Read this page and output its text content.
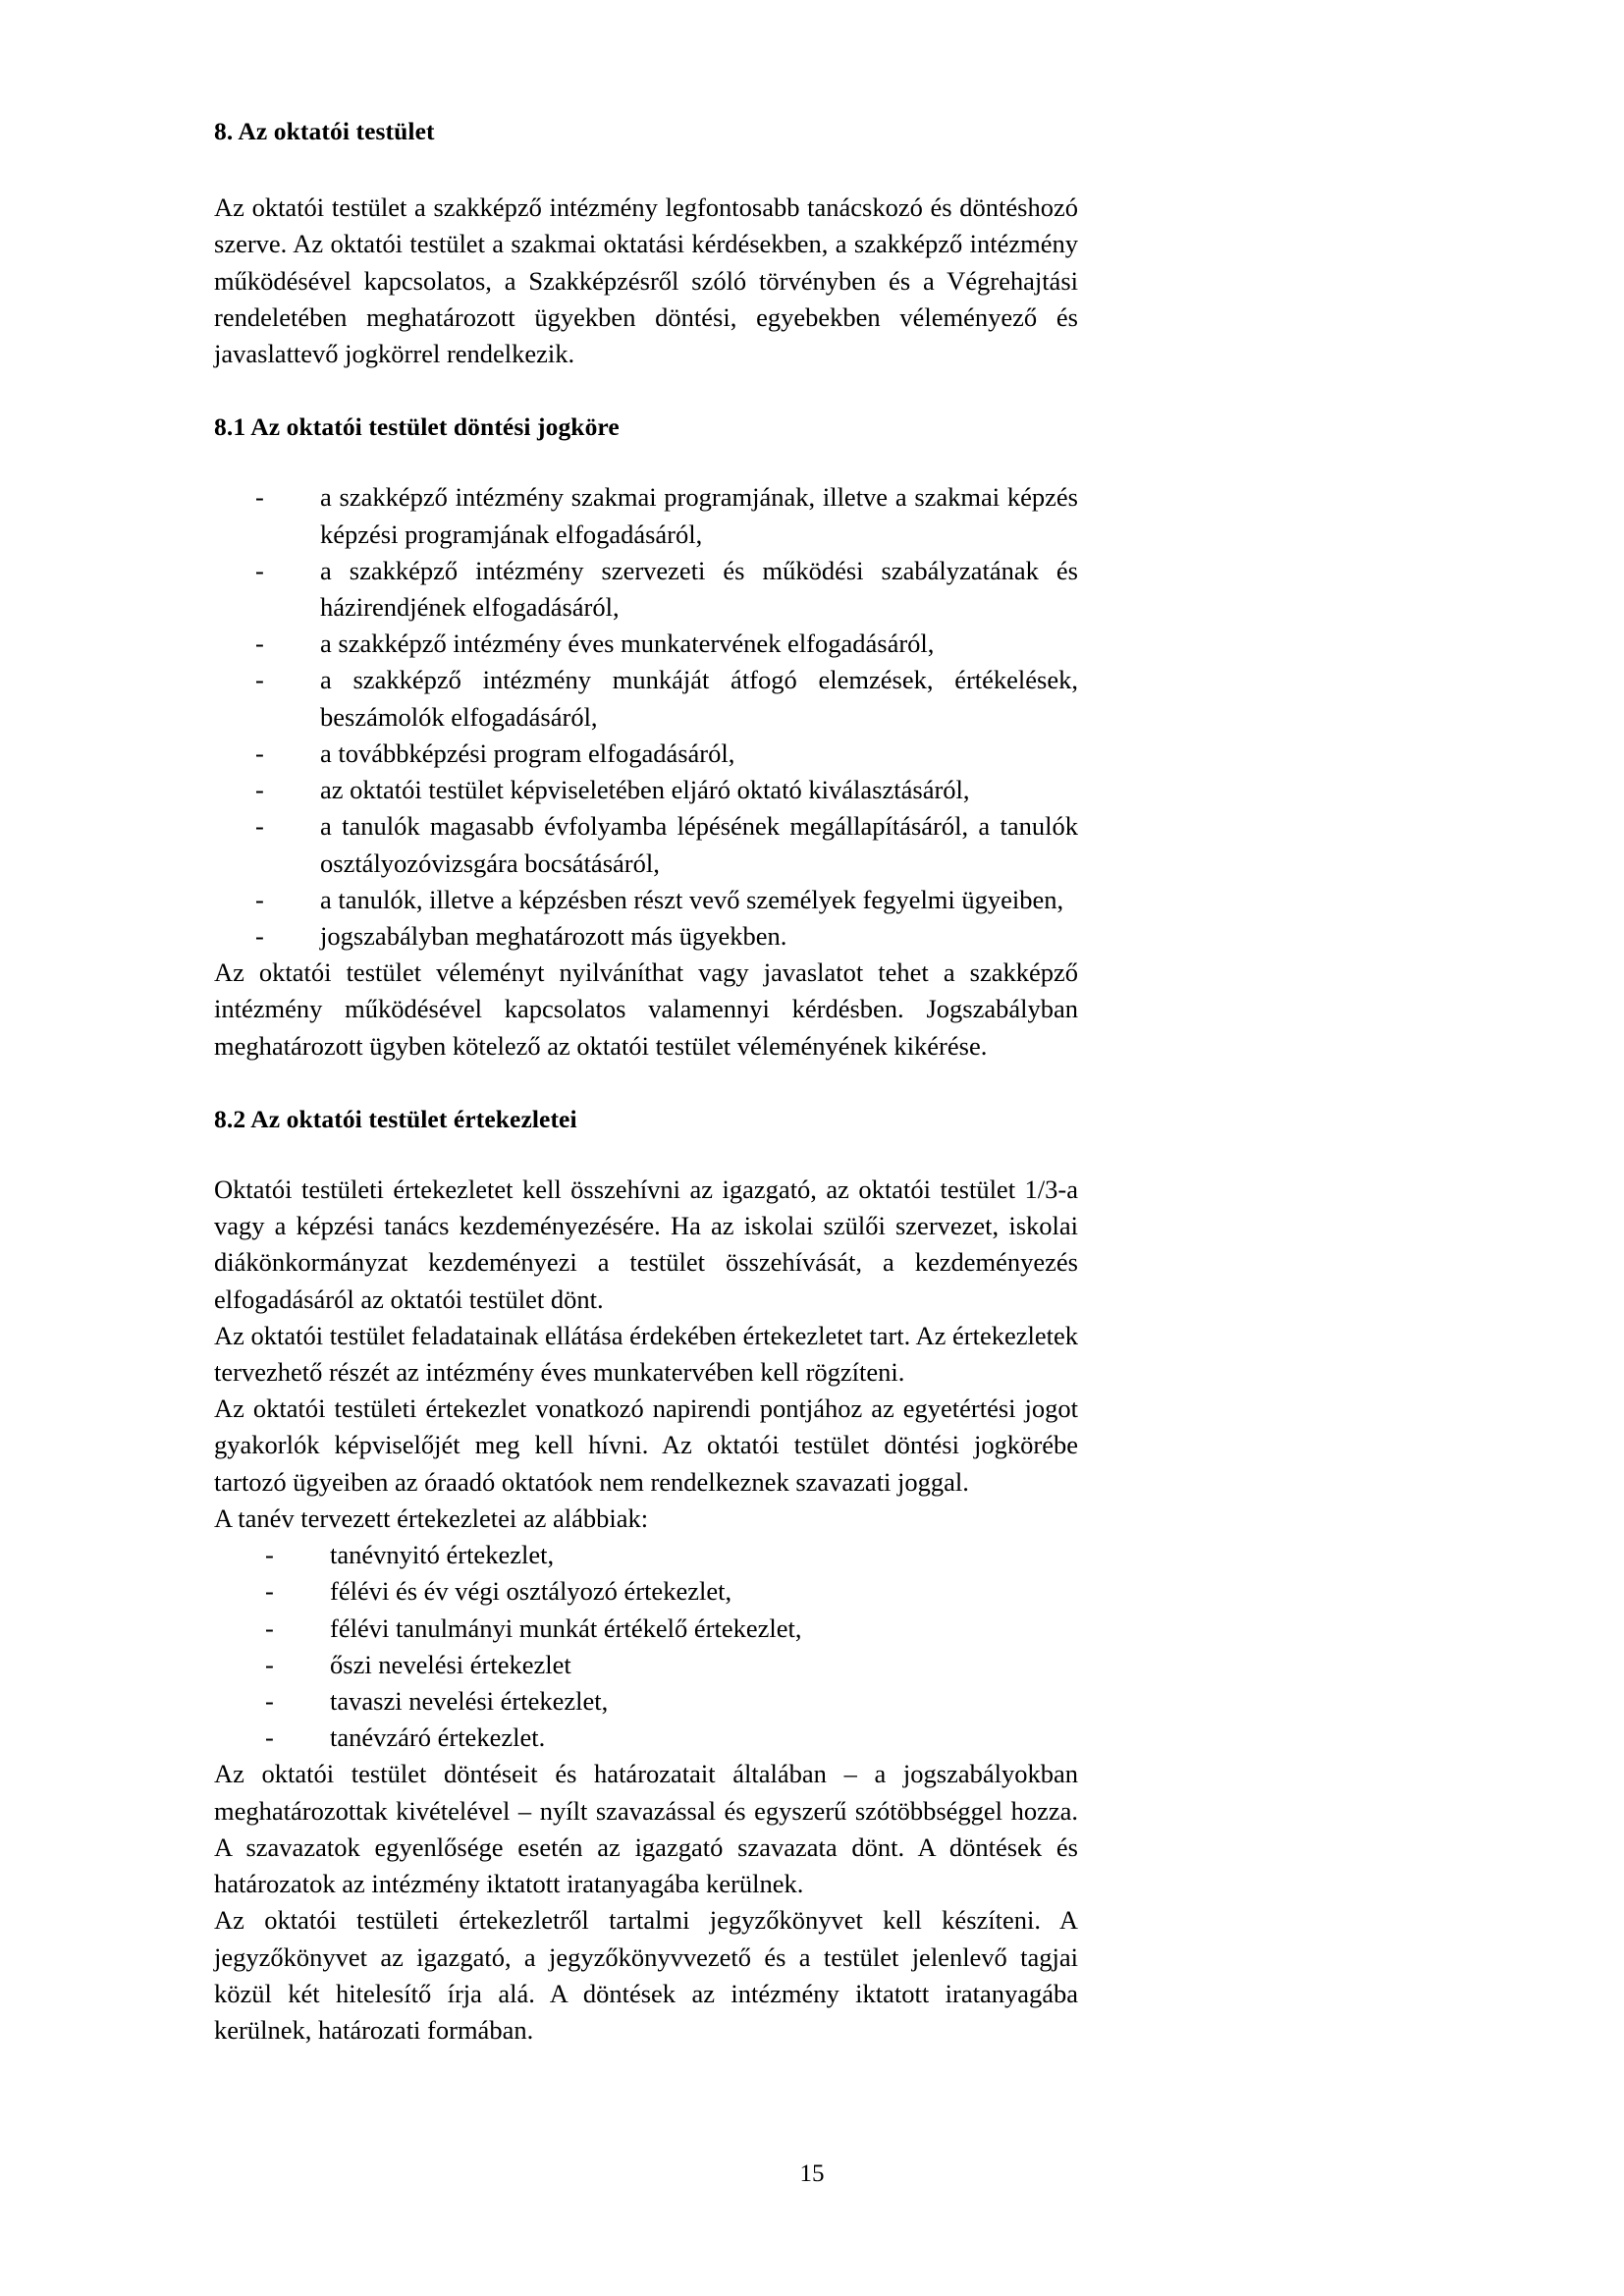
8. Az oktatói testület

Az oktatói testület a szakképző intézmény legfontosabb tanácskozó és döntéshozó szerve. Az oktatói testület a szakmai oktatási kérdésekben, a szakképző intézmény működésével kapcsolatos, a Szakképzésről szóló törvényben és a Végrehajtási rendeletében meghatározott ügyekben döntési, egyebekben véleményező és javaslattevő jogkörrel rendelkezik.

8.1 Az oktatói testület döntési jogköre
-	a szakképző intézmény szakmai programjának, illetve a szakmai képzés képzési programjának elfogadásáról,
-	a szakképző intézmény szervezeti és működési szabályzatának és házirendjének elfogadásáról,
-	a szakképző intézmény éves munkatervének elfogadásáról,
-	a szakképző intézmény munkáját átfogó elemzések, értékelések, beszámolók elfogadásáról,
-	a továbbképzési program elfogadásáról,
-	az oktatói testület képviseletében eljáró oktató kiválasztásáról,
-	a tanulók magasabb évfolyamba lépésének megállapításáról, a tanulók osztályozóvizsgára bocsátásáról,
-	a tanulók, illetve a képzésben részt vevő személyek fegyelmi ügyeiben,
-	jogszabályban meghatározott más ügyekben.

Az oktatói testület véleményt nyilváníthat vagy javaslatot tehet a szakképző intézmény működésével kapcsolatos valamennyi kérdésben. Jogszabályban meghatározott ügyben kötelező az oktatói testület véleményének kikérése.

8.2 Az oktatói testület értekezletei

Oktatói testületi értekezletet kell összehívni az igazgató, az oktatói testület 1/3-a vagy a képzési tanács kezdeményezésére. Ha az iskolai szülői szervezet, iskolai diákönkormányzat kezdeményezi a testület összehívását, a kezdeményezés elfogadásáról az oktatói testület dönt.

Az oktatói testület feladatainak ellátása érdekében értekezletet tart. Az értekezletek tervezhető részét az intézmény éves munkatervében kell rögzíteni.

Az oktatói testületi értekezlet vonatkozó napirendi pontjához az egyetértési jogot gyakorlók képviselőjét meg kell hívni. Az oktatói testület döntési jogkörébe tartozó ügyeiben az óraadó oktatóok nem rendelkeznek szavazati joggal.

A tanév tervezett értekezletei az alábbiak:

-	tanévnyitó értekezlet,
-	félévi és év végi osztályozó értekezlet,
-	félévi tanulmányi munkát értékelő értekezlet,
-	őszi nevelési értekezlet
-	tavaszi nevelési értekezlet,
-	tanévzáró értekezlet.

Az oktatói testület döntéseit és határozatait általában – a jogszabályokban meghatározottak kivételével – nyílt szavazással és egyszerű szótöbbséggel hozza. A szavazatok egyenlősége esetén az igazgató szavazata dönt. A döntések és határozatok az intézmény iktatott iratanyagába kerülnek.

Az oktatói testületi értekezletről tartalmi jegyzőkönyvet kell készíteni. A jegyzőkönyvet az igazgató, a jegyzőkönyvvezető és a testület jelenlevő tagjai közül két hitelesítő írja alá. A döntések az intézmény iktatott iratanyagába kerülnek, határozati formában.

15
